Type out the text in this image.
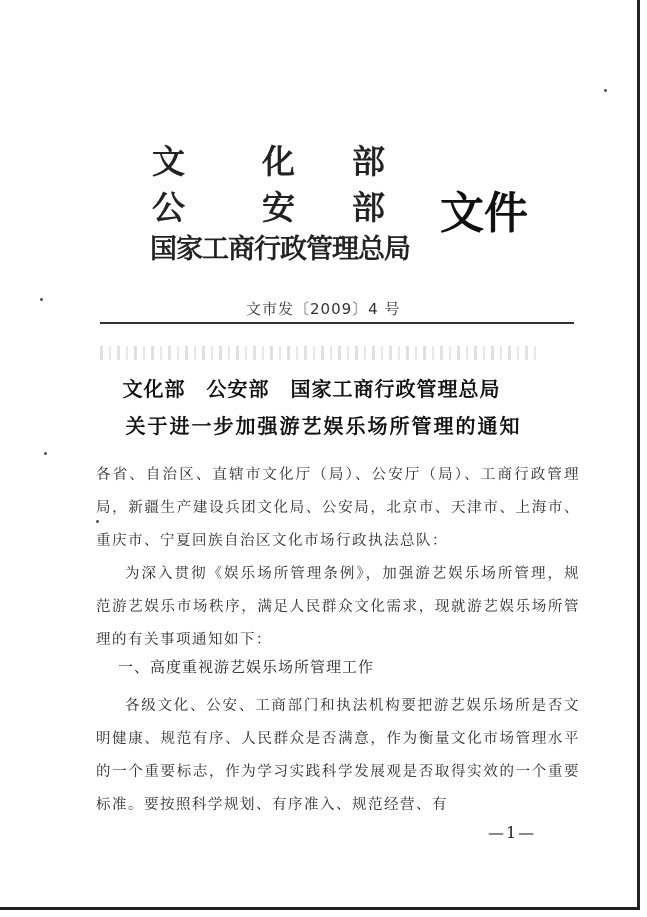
文 化 部
公 安 部
国家工商行政管理总局
文件
文市发〔2009〕4 号
文化部　公安部　国家工商行政管理总局
关于进一步加强游艺娱乐场所管理的通知
各省、自治区、直辖市文化厅（局）、公安厅（局）、工商行政管理局，新疆生产建设兵团文化局、公安局，北京市、天津市、上海市、重庆市、宁夏回族自治区文化市场行政执法总队：
为深入贯彻《娱乐场所管理条例》，加强游艺娱乐场所管理，规范游艺娱乐市场秩序，满足人民群众文化需求，现就游艺娱乐场所管理的有关事项通知如下：
一、高度重视游艺娱乐场所管理工作
各级文化、公安、工商部门和执法机构要把游艺娱乐场所是否文明健康、规范有序、人民群众是否满意，作为衡量文化市场管理水平的一个重要标志，作为学习实践科学发展观是否取得实效的一个重要标准。要按照科学规划、有序准入、规范经营、有
—1—
